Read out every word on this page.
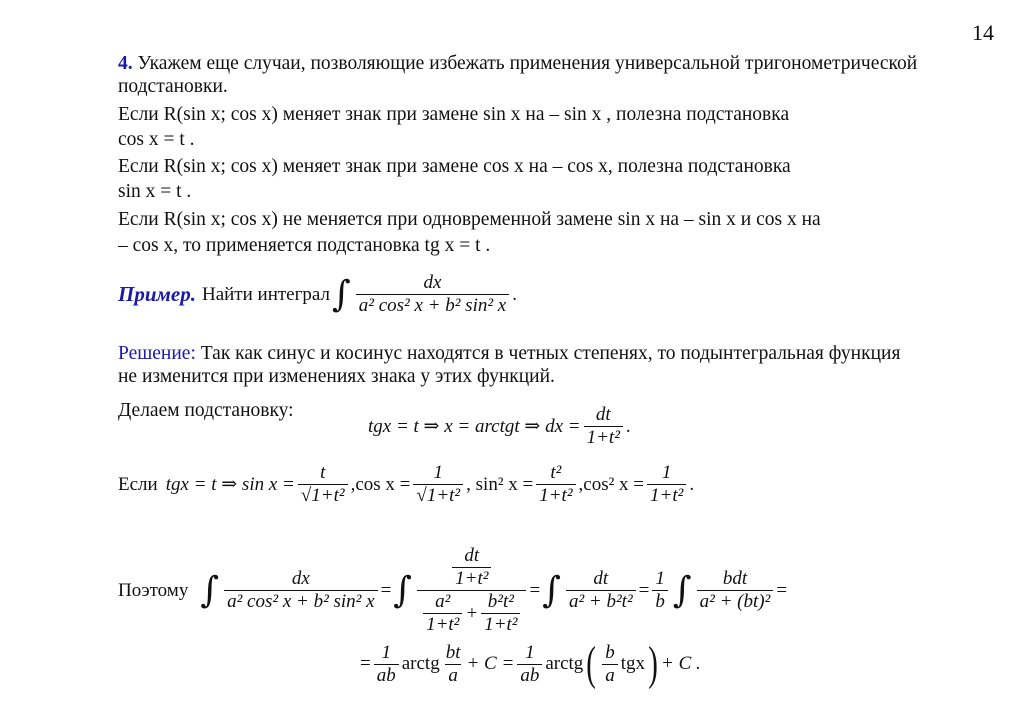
14
4. Укажем еще случаи, позволяющие избежать применения универсальной тригонометрической подстановки.
Если R(sin x; cos x) меняет знак при замене sin x на – sin x , полезна подстановка
cos x = t .
Если R(sin x; cos x) меняет знак при замене cos x на – cos x, полезна подстановка
sin x = t .
Если R(sin x; cos x) не меняется при одновременной замене sin x на – sin x и cos x на
– cos x, то применяется подстановка tg x = t .
Пример. Найти интеграл ∫ $\frac{dx}{\text{a² cos² x + b² sin² x}}$ .
Решение: Так как синус и косинус находятся в четных степенях, то подынтегральная функция не изменится при изменениях знака у этих функций.
Делаем подстановку:
tgx = t ⇒ x = arctgt ⇒ dx = $\frac{dt}{\text{1+t²}}$ .
Если tgx = t ⇒ $\sin x = \frac{t}{\text{√1+t²}} ,\cos$ $x = \frac{1}{\text{√1+t²}}$ , sin² $x = \frac{\text{t²}}{\text{1+t²}} ,\cos^2$ $x = \frac{1}{\text{1+t²}}$ .
Поэтому ∫ $\frac{dx}{\text{a² cos² x + b² sin² x}}$ = ∫ $\frac{\frac{dt}{\text{1+t²}}}{\frac{\text{a²}}{\text{1+t²}} + \frac{\text{b²t²}}{\text{1+t²}}}$ = ∫ $\frac{dt}{\text{a² + b²t²}} = \frac{1}{b}$ ∫ $\frac{\text{bdt}}{\text{a² + (bt)²}}$ =
= $\frac{1}{ab}$ arctg $\frac{bt}{a} + C = \frac{1}{ab}$ arctg ( $\frac{b}{a}$ tgx ) + C .
